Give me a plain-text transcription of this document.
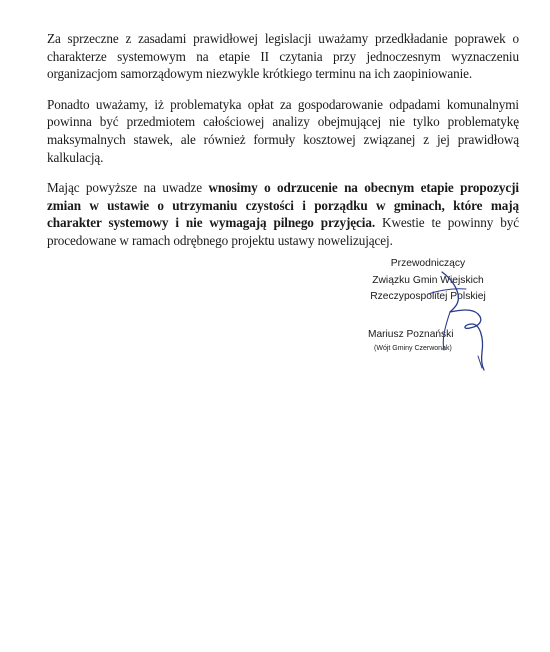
Za sprzeczne z zasadami prawidłowej legislacji uważamy przedkładanie poprawek o charakterze systemowym na etapie II czytania przy jednoczesnym wyznaczeniu organizacjom samorządowym niezwykle krótkiego terminu na ich zaopiniowanie.

Ponadto uważamy, iż problematyka opłat za gospodarowanie odpadami komunalnymi powinna być przedmiotem całościowej analizy obejmującej nie tylko problematykę maksymalnych stawek, ale również formuły kosztowej związanej z jej prawidłową kalkulacją.

Mając powyższe na uwadze wnosimy o odrzucenie na obecnym etapie propozycji zmian w ustawie o utrzymaniu czystości i porządku w gminach, które mają charakter systemowy i nie wymagają pilnego przyjęcia. Kwestie te powinny być procedowane w ramach odrębnego projektu ustawy nowelizującej.

Przewodniczący
Związku Gmin Wiejskich
Rzeczypospolitej Polskiej
Mariusz Poznański
(Wójt Gminy Czerwonak)
